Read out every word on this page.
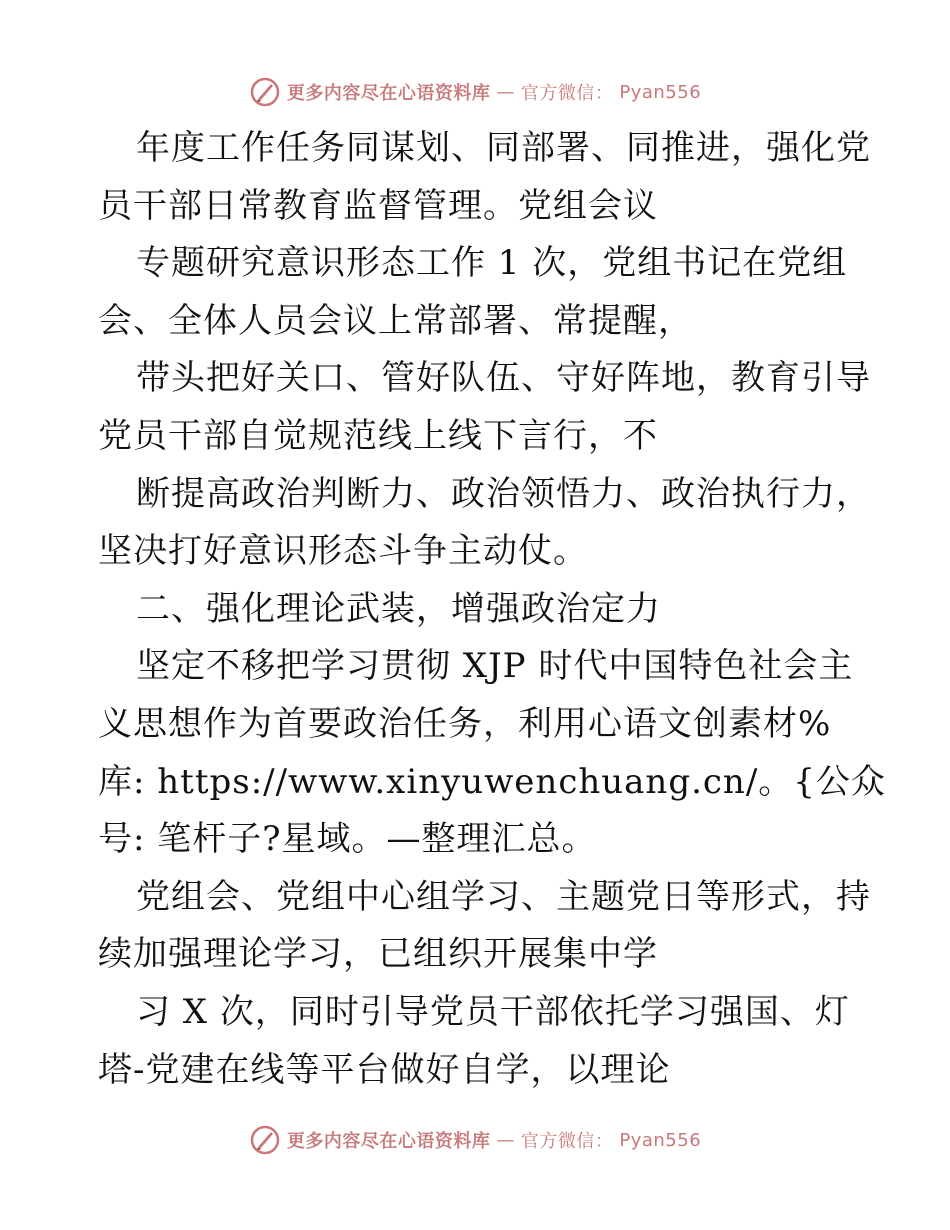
更多内容尽在心语资料库 — 官方微信： Pyan556
年度工作任务同谋划、同部署、同推进，强化党
员干部日常教育监督管理。党组会议
专题研究意识形态工作 1 次，党组书记在党组
会、全体人员会议上常部署、常提醒，
带头把好关口、管好队伍、守好阵地，教育引导
党员干部自觉规范线上线下言行，不
断提高政治判断力、政治领悟力、政治执行力，
坚决打好意识形态斗争主动仗。
二、强化理论武装，增强政治定力
坚定不移把学习贯彻 XJP 时代中国特色社会主
义思想作为首要政治任务，利用心语文创素材%
库: https://www.xinyuwenchuang.cn/。{公众
号: 笔杆子?星域。—整理汇总。
党组会、党组中心组学习、主题党日等形式，持
续加强理论学习，已组织开展集中学
习 X 次，同时引导党员干部依托学习强国、灯
塔-党建在线等平台做好自学，以理论
更多内容尽在心语资料库 — 官方微信： Pyan556
